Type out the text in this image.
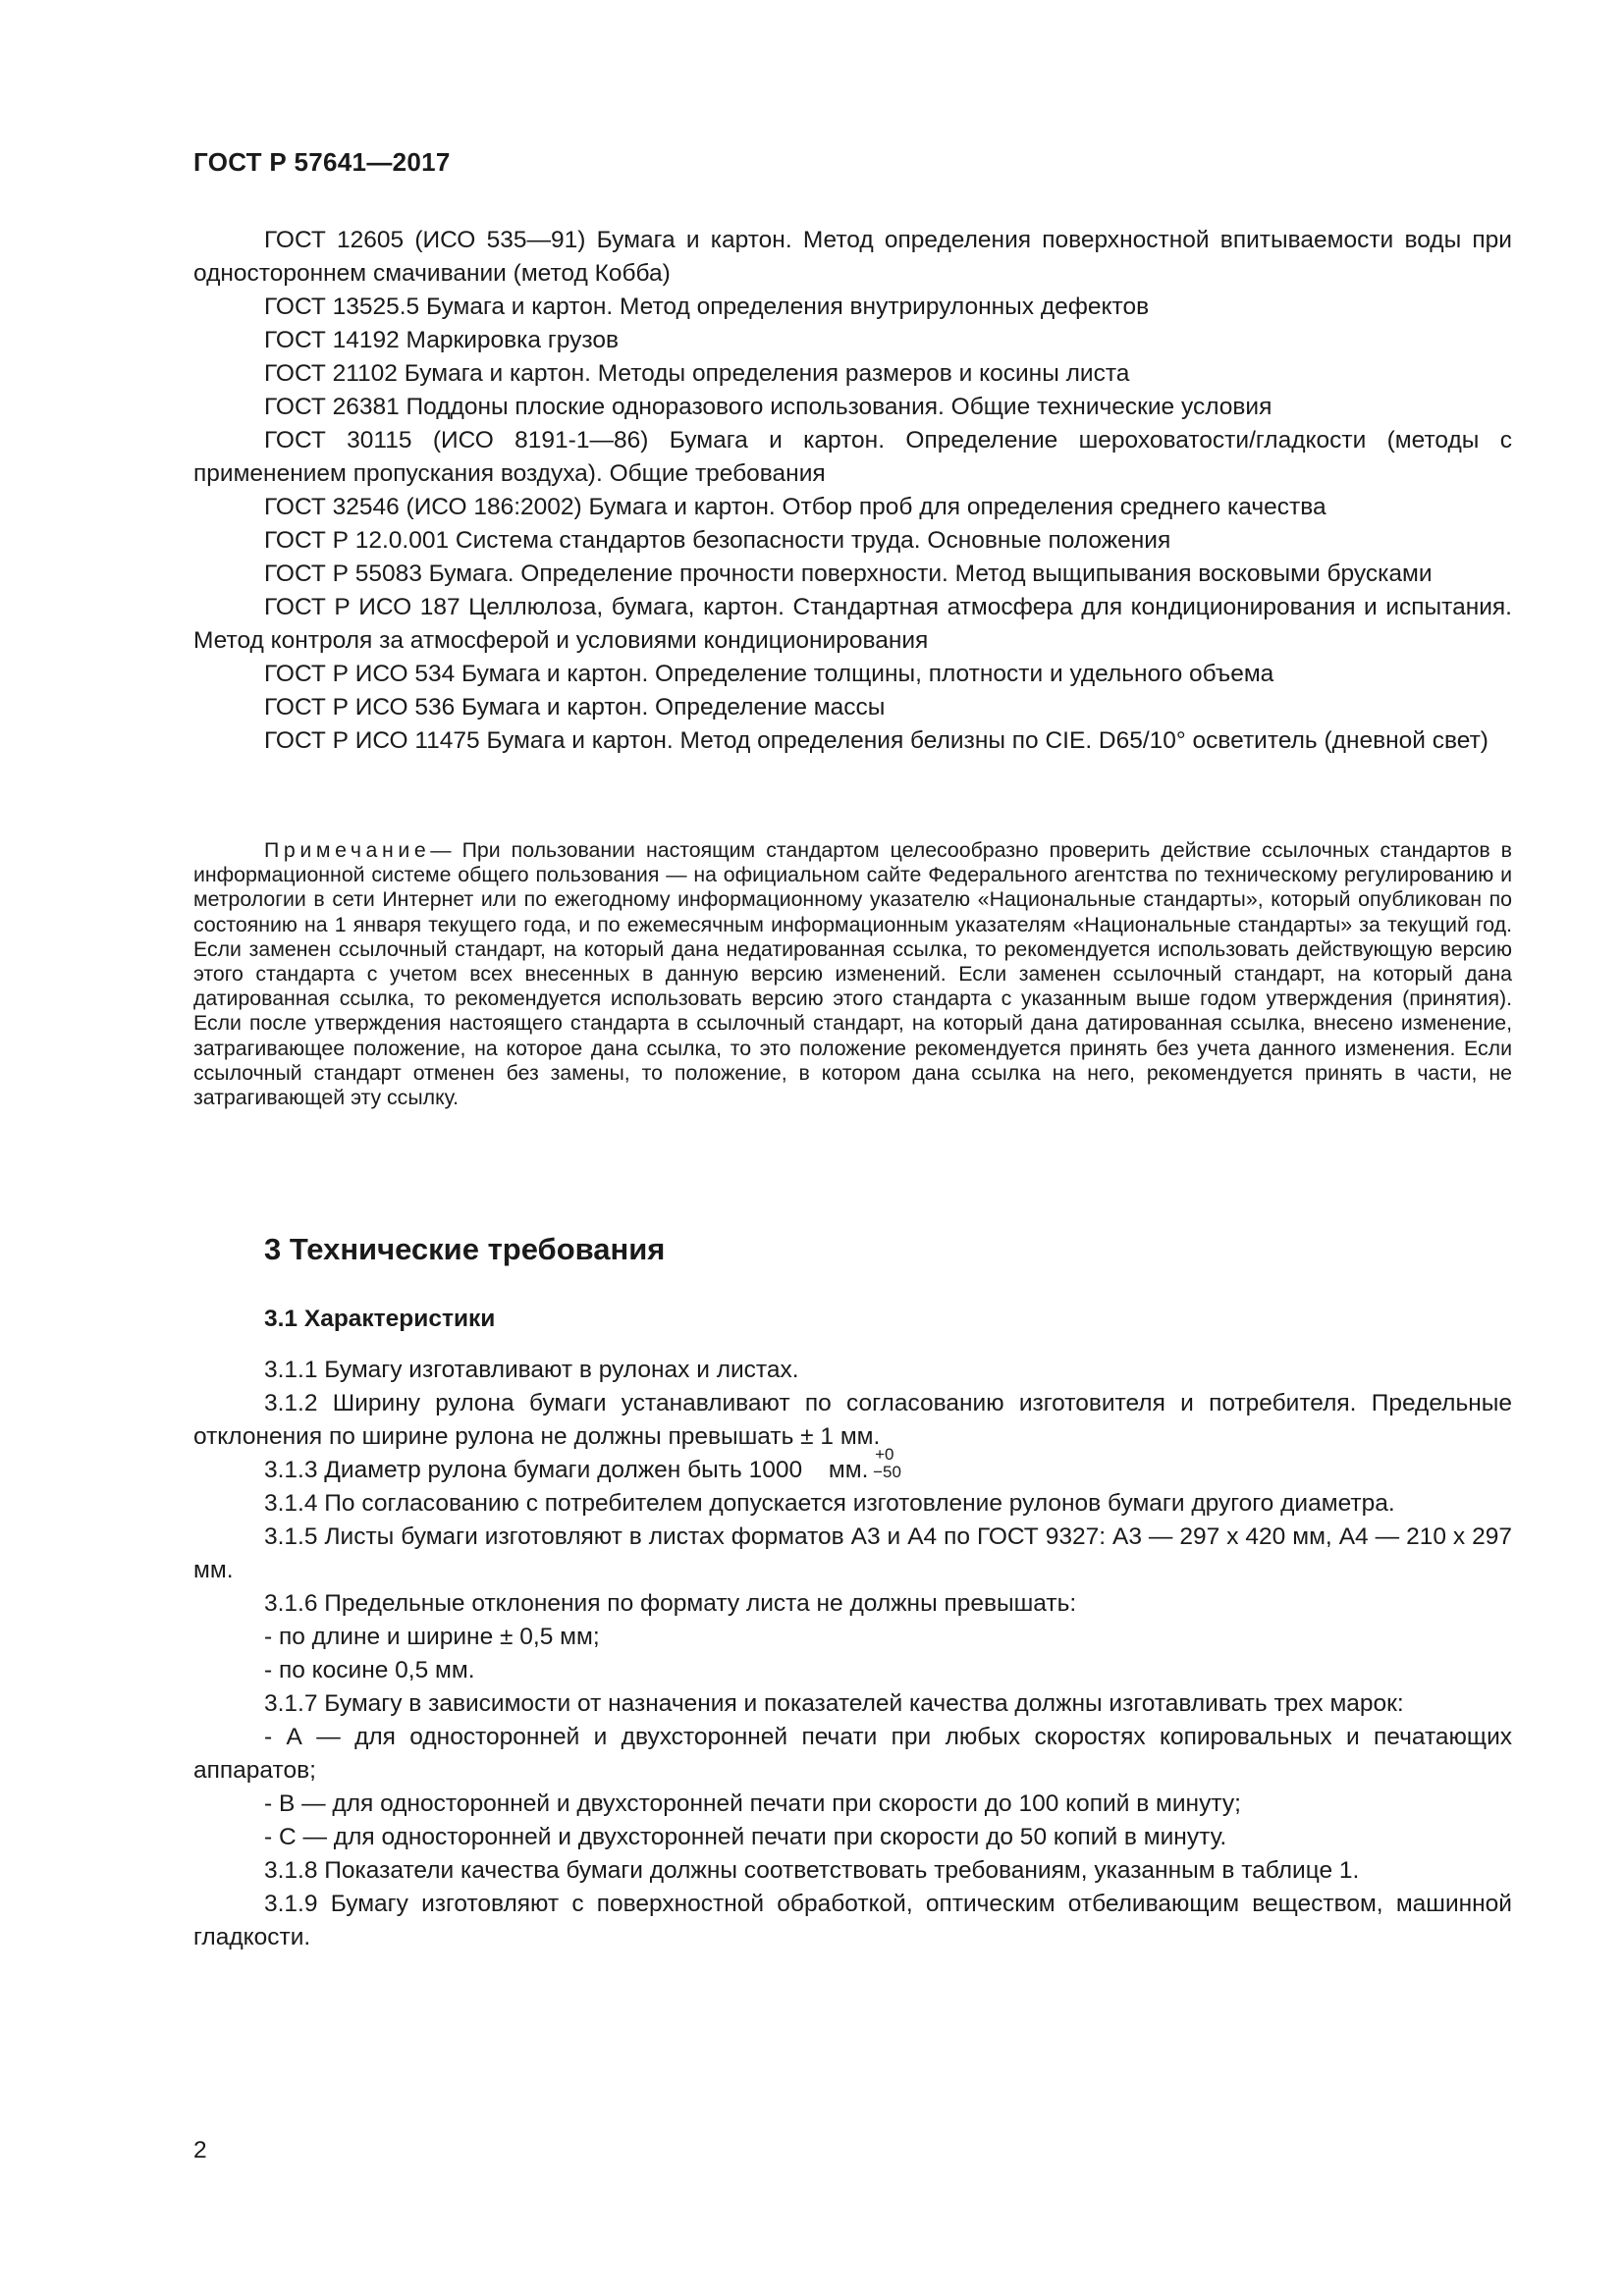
ГОСТ Р 57641—2017

ГОСТ 12605 (ИСО 535—91) Бумага и картон. Метод определения поверхностной впитываемости воды при одностороннем смачивании (метод Кобба)

ГОСТ 13525.5 Бумага и картон. Метод определения внутрирулонных дефектов

ГОСТ 14192 Маркировка грузов

ГОСТ 21102 Бумага и картон. Методы определения размеров и косины листа

ГОСТ 26381 Поддоны плоские одноразового использования. Общие технические условия

ГОСТ 30115 (ИСО 8191-1—86) Бумага и картон. Определение шероховатости/гладкости (методы с применением пропускания воздуха). Общие требования

ГОСТ 32546 (ИСО 186:2002) Бумага и картон. Отбор проб для определения среднего качества

ГОСТ Р 12.0.001 Система стандартов безопасности труда. Основные положения

ГОСТ Р 55083 Бумага. Определение прочности поверхности. Метод выщипывания восковыми брусками

ГОСТ Р ИСО 187 Целлюлоза, бумага, картон. Стандартная атмосфера для кондиционирования и испытания. Метод контроля за атмосферой и условиями кондиционирования

ГОСТ Р ИСО 534 Бумага и картон. Определение толщины, плотности и удельного объема

ГОСТ Р ИСО 536 Бумага и картон. Определение массы

ГОСТ Р ИСО 11475 Бумага и картон. Метод определения белизны по CIE. D65/10° осветитель (дневной свет)

Примечание— При пользовании настоящим стандартом целесообразно проверить действие ссылочных стандартов в информационной системе общего пользования — на официальном сайте Федерального агентства по техническому регулированию и метрологии в сети Интернет или по ежегодному информационному указателю «Национальные стандарты», который опубликован по состоянию на 1 января текущего года, и по ежемесячным информационным указателям «Национальные стандарты» за текущий год. Если заменен ссылочный стандарт, на который дана недатированная ссылка, то рекомендуется использовать действующую версию этого стандарта с учетом всех внесенных в данную версию изменений. Если заменен ссылочный стандарт, на который дана датированная ссылка, то рекомендуется использовать версию этого стандарта с указанным выше годом утверждения (принятия). Если после утверждения настоящего стандарта в ссылочный стандарт, на который дана датированная ссылка, внесено изменение, затрагивающее положение, на которое дана ссылка, то это положение рекомендуется принять без учета данного изменения. Если ссылочный стандарт отменен без замены, то положение, в котором дана ссылка на него, рекомендуется принять в части, не затрагивающей эту ссылку.
3 Технические требования
3.1 Характеристики

3.1.1 Бумагу изготавливают в рулонах и листах.

3.1.2 Ширину рулона бумаги устанавливают по согласованию изготовителя и потребителя. Предельные отклонения по ширине рулона не должны превышать ± 1 мм.

3.1.3 Диаметр рулона бумаги должен быть 1000
+0
−50
мм.

3.1.4 По согласованию с потребителем допускается изготовление рулонов бумаги другого диаметра.

3.1.5 Листы бумаги изготовляют в листах форматов А3 и А4 по ГОСТ 9327: А3 — 297 х 420 мм, А4 — 210 х 297 мм.

3.1.6 Предельные отклонения по формату листа не должны превышать:

- по длине и ширине ± 0,5 мм;

- по косине 0,5 мм.

3.1.7 Бумагу в зависимости от назначения и показателей качества должны изготавливать трех марок:

- А — для односторонней и двухсторонней печати при любых скоростях копировальных и печатающих аппаратов;

- В — для односторонней и двухсторонней печати при скорости до 100 копий в минуту;

- С — для односторонней и двухсторонней печати при скорости до 50 копий в минуту.

3.1.8 Показатели качества бумаги должны соответствовать требованиям, указанным в таблице 1.

3.1.9 Бумагу изготовляют с поверхностной обработкой, оптическим отбеливающим веществом, машинной гладкости.

2
